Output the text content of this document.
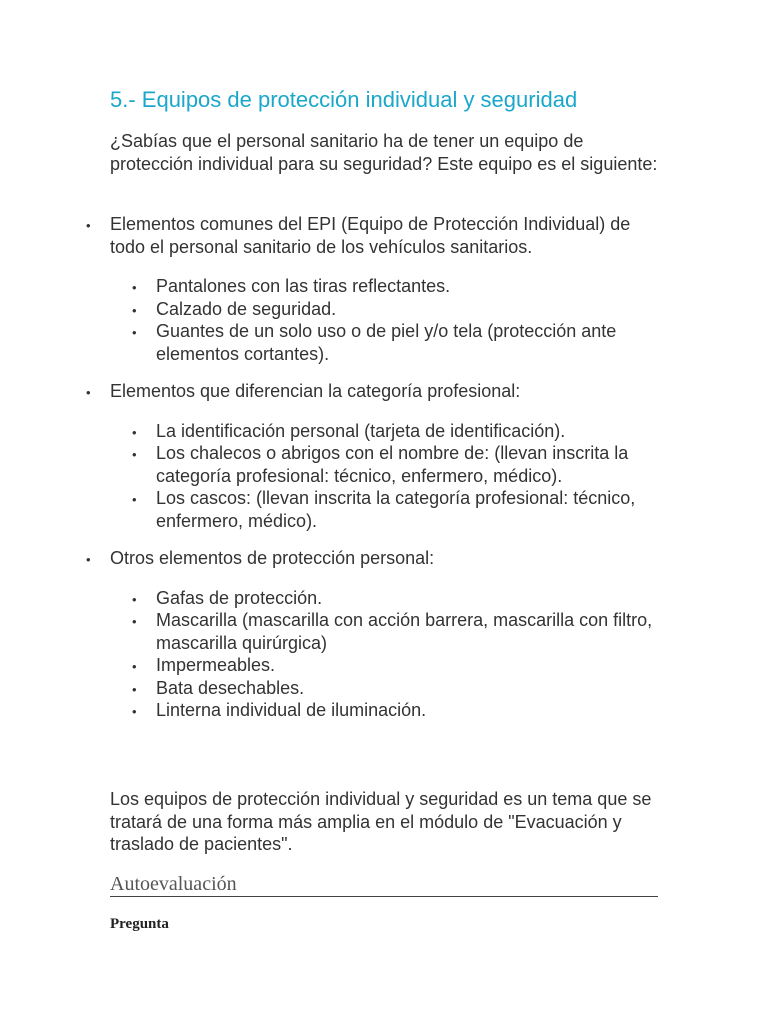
5.- Equipos de protección individual y seguridad

¿Sabías que el personal sanitario ha de tener un equipo de protección individual para su seguridad? Este equipo es el siguiente:

• Elementos comunes del EPI (Equipo de Protección Individual) de todo el personal sanitario de los vehículos sanitarios.

• Pantalones con las tiras reflectantes.
• Calzado de seguridad.
• Guantes de un solo uso o de piel y/o tela (protección ante elementos cortantes).

• Elementos que diferencian la categoría profesional:

• La identificación personal (tarjeta de identificación).
• Los chalecos o abrigos con el nombre de: (llevan inscrita la categoría profesional: técnico, enfermero, médico).
• Los cascos: (llevan inscrita la categoría profesional: técnico, enfermero, médico).

• Otros elementos de protección personal:

• Gafas de protección.
• Mascarilla (mascarilla con acción barrera, mascarilla con filtro, mascarilla quirúrgica)
• Impermeables.
• Bata desechables.
• Linterna individual de iluminación.

Los equipos de protección individual y seguridad es un tema que se tratará de una forma más amplia en el módulo de "Evacuación y traslado de pacientes".

Autoevaluación

Pregunta
